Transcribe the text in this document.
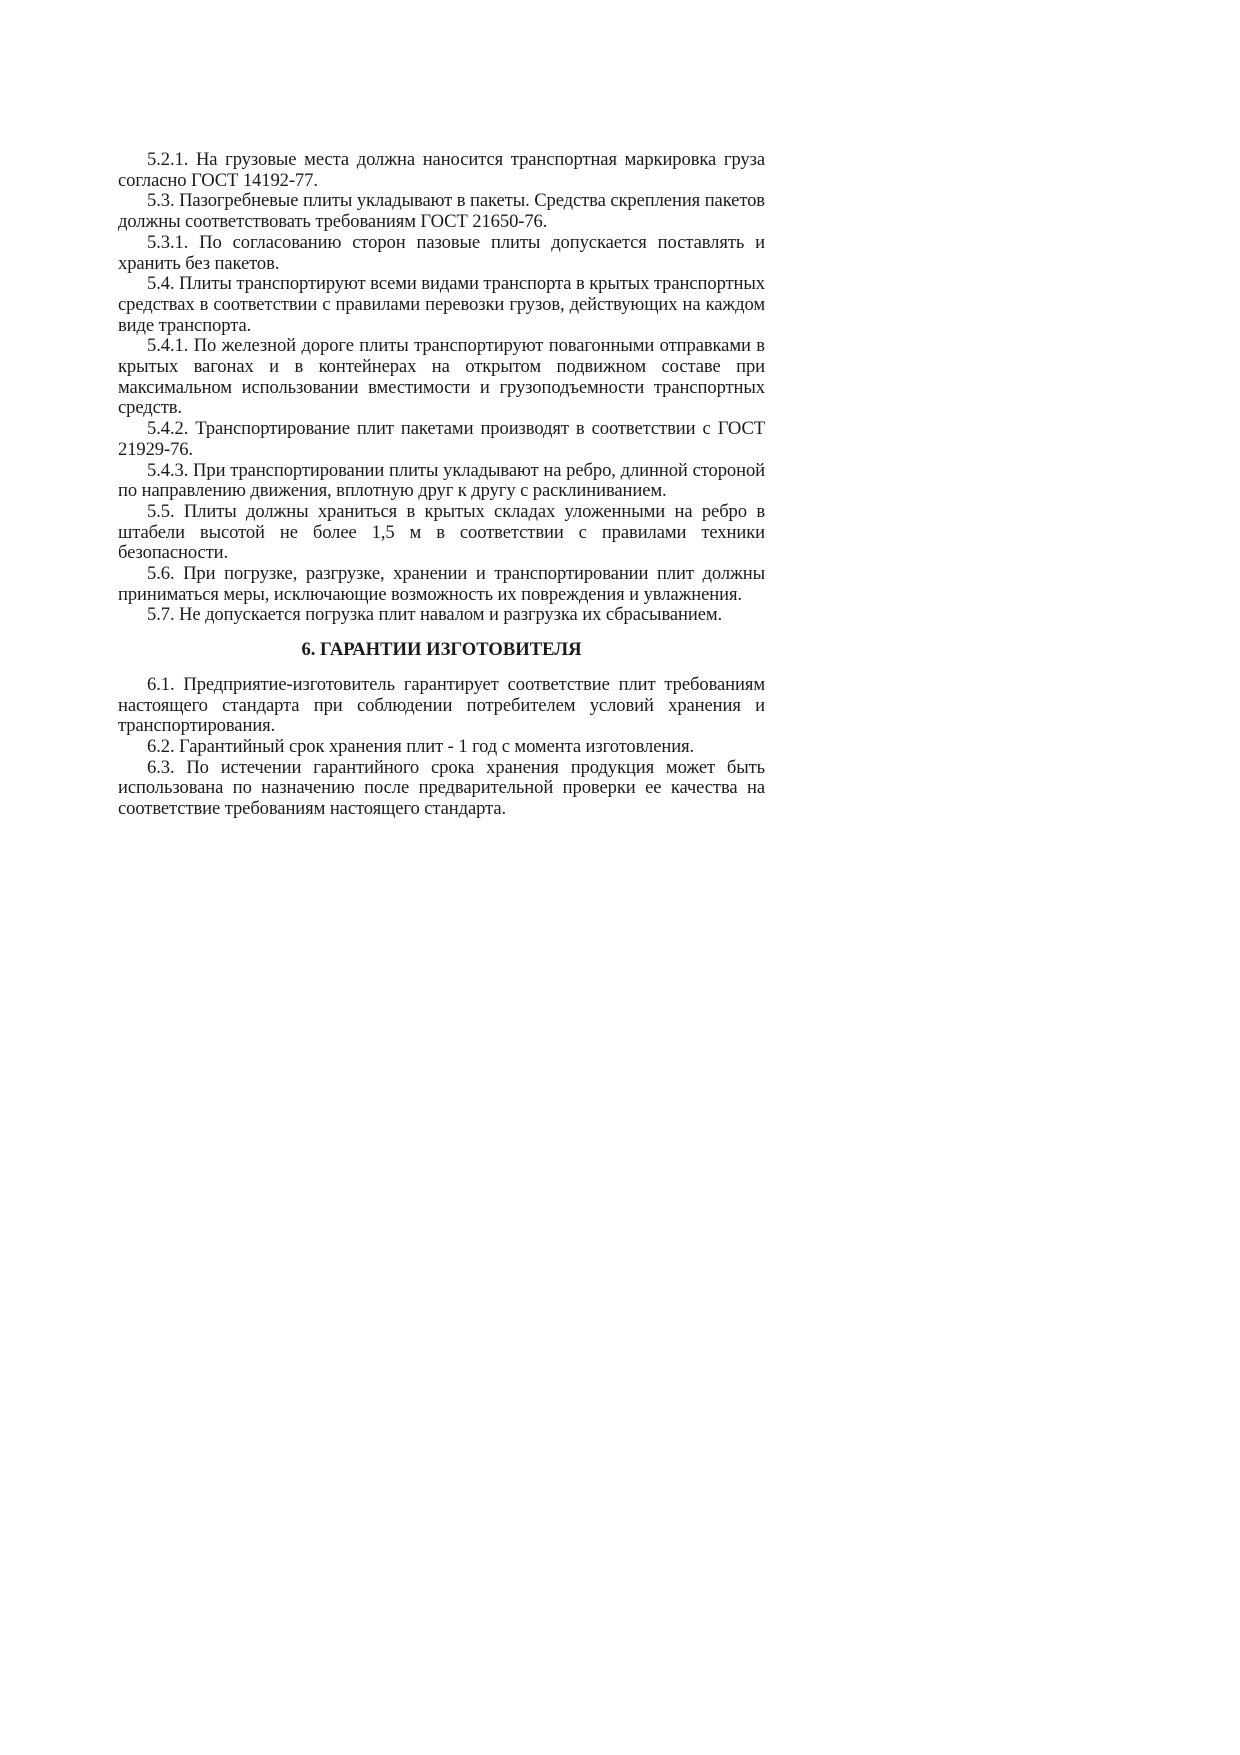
5.2.1. На грузовые места должна наносится транспортная маркировка груза согласно ГОСТ 14192-77.

5.3. Пазогребневые плиты укладывают в пакеты. Средства скрепления пакетов должны соответствовать требованиям ГОСТ 21650-76.

5.3.1. По согласованию сторон пазовые плиты допускается поставлять и хранить без пакетов.

5.4. Плиты транспортируют всеми видами транспорта в крытых транспортных средствах в соответствии с правилами перевозки грузов, действующих на каждом виде транспорта.

5.4.1. По железной дороге плиты транспортируют повагонными отправками в крытых вагонах и в контейнерах на открытом подвижном составе при максимальном использовании вместимости и грузоподъемности транспортных средств.

5.4.2. Транспортирование плит пакетами производят в соответствии с ГОСТ 21929-76.

5.4.3. При транспортировании плиты укладывают на ребро, длинной стороной по направлению движения, вплотную друг к другу с расклиниванием.

5.5. Плиты должны храниться в крытых складах уложенными на ребро в штабели высотой не более 1,5 м в соответствии с правилами техники безопасности.

5.6. При погрузке, разгрузке, хранении и транспортировании плит должны приниматься меры, исключающие возможность их повреждения и увлажнения.

5.7. Не допускается погрузка плит навалом и разгрузка их сбрасыванием.

6. ГАРАНТИИ ИЗГОТОВИТЕЛЯ

6.1. Предприятие-изготовитель гарантирует соответствие плит требованиям настоящего стандарта при соблюдении потребителем условий хранения и транспортирования.

6.2. Гарантийный срок хранения плит - 1 год с момента изготовления.

6.3. По истечении гарантийного срока хранения продукция может быть использована по назначению после предварительной проверки ее качества на соответствие требованиям настоящего стандарта.
